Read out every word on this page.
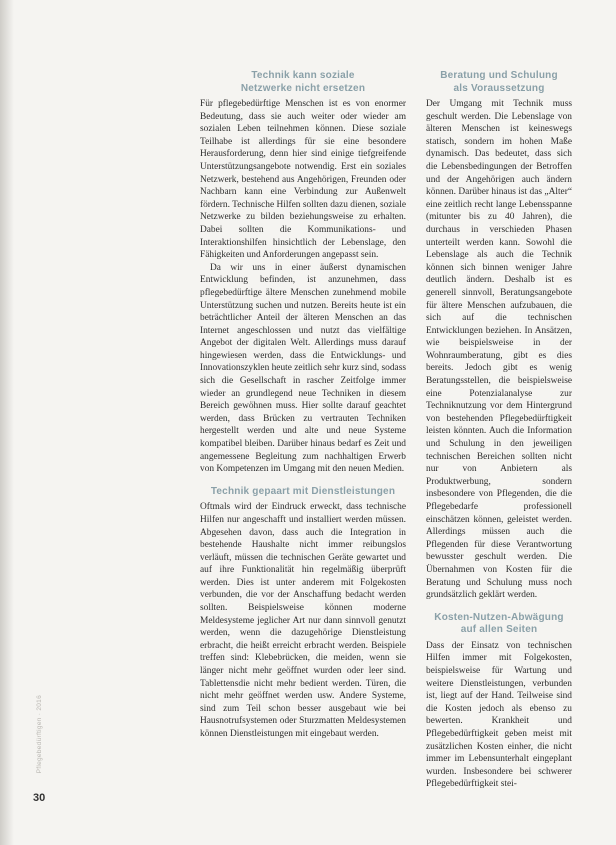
Technik kann soziale
Netzwerke nicht ersetzen

Für pflegebedürftige Menschen ist es von enormer Bedeutung, dass sie auch weiter oder wieder am sozialen Leben teilnehmen können. Diese soziale Teilhabe ist allerdings für sie eine besondere Herausforderung, denn hier sind einige tiefgreifende Unterstützungsangebote notwendig. Erst ein soziales Netzwerk, bestehend aus Angehörigen, Freunden oder Nachbarn kann eine Verbindung zur Außenwelt fördern. Technische Hilfen sollten dazu dienen, soziale Netzwerke zu bilden beziehungsweise zu erhalten. Dabei sollten die Kommunikations- und Interaktionshilfen hinsichtlich der Lebenslage, den Fähigkeiten und Anforderungen angepasst sein.

Da wir uns in einer äußerst dynamischen Entwicklung befinden, ist anzunehmen, dass pflegebedürftige ältere Menschen zunehmend mobile Unterstützung suchen und nutzen. Bereits heute ist ein beträchtlicher Anteil der älteren Menschen an das Internet angeschlossen und nutzt das vielfältige Angebot der digitalen Welt. Allerdings muss darauf hingewiesen werden, dass die Entwicklungs- und Innovationszyklen heute zeitlich sehr kurz sind, sodass sich die Gesellschaft in rascher Zeitfolge immer wieder an grundlegend neue Techniken in diesem Bereich gewöhnen muss. Hier sollte darauf geachtet werden, dass Brücken zu vertrauten Techniken hergestellt werden und alte und neue Systeme kompatibel bleiben. Darüber hinaus bedarf es Zeit und angemessene Begleitung zum nachhaltigen Erwerb von Kompetenzen im Umgang mit den neuen Medien.

Technik gepaart mit Dienstleistungen

Oftmals wird der Eindruck erweckt, dass technische Hilfen nur angeschafft und installiert werden müssen. Abgesehen davon, dass auch die Integration in bestehende Haushalte nicht immer reibungslos verläuft, müssen die technischen Geräte gewartet und auf ihre Funktionalität hin regelmäßig überprüft werden. Dies ist unter anderem mit Folgekosten verbunden, die vor der Anschaffung bedacht werden sollten. Beispielsweise können moderne Meldesysteme jeglicher Art nur dann sinnvoll genutzt werden, wenn die dazugehörige Dienstleistung erbracht, die heißt erreicht erbracht werden. Beispiele treffen sind: Klebebrücken, die meiden, wenn sie länger nicht mehr geöffnet wurden oder leer sind. Tablettensdie nicht mehr bedient werden. Türen, die nicht mehr geöffnet werden usw. Andere Systeme, sind zum Teil schon besser ausgebaut wie bei Hausnotrufsystemen oder Sturzmatten Meldesystemen können Dienstleistungen mit eingebaut werden.

Beratung und Schulung
als Voraussetzung

Der Umgang mit Technik muss geschult werden. Die Lebenslage von älteren Menschen ist keineswegs statisch, sondern im hohen Maße dynamisch. Das bedeutet, dass sich die Lebensbedingungen der Betroffen und der Angehörigen auch ändern können. Darüber hinaus ist das „Alter“ eine zeitlich recht lange Lebensspanne (mitunter bis zu 40 Jahren), die durchaus in verschieden Phasen unterteilt werden kann. Sowohl die Lebenslage als auch die Technik können sich binnen weniger Jahre deutlich ändern. Deshalb ist es generell sinnvoll, Beratungsangebote für ältere Menschen aufzubauen, die sich auf die technischen Entwicklungen beziehen. In Ansätzen, wie beispielsweise in der Wohnraumberatung, gibt es dies bereits. Jedoch gibt es wenig Beratungsstellen, die beispielsweise eine Potenzialanalyse zur Techniknutzung vor dem Hintergrund von bestehenden Pflegebedürftigkeit leisten könnten. Auch die Information und Schulung in den jeweiligen technischen Bereichen sollten nicht nur von Anbietern als Produktwerbung, sondern insbesondere von Pflegenden, die die Pflegebedarfe professionell einschätzen können, geleistet werden. Allerdings müssen auch die Pflegenden für diese Verantwortung bewusster geschult werden. Die Übernahmen von Kosten für die Beratung und Schulung muss noch grundsätzlich geklärt werden.

Kosten-Nutzen-Abwägung
auf allen Seiten

Dass der Einsatz von technischen Hilfen immer mit Folgekosten, beispielsweise für Wartung und weitere Dienstleistungen, verbunden ist, liegt auf der Hand. Teilweise sind die Kosten jedoch als ebenso zu bewerten. Krankheit und Pflegebedürftigkeit geben meist mit zusätzlichen Kosten einher, die nicht immer im Lebensunterhalt eingeplant wurden. Insbesondere bei schwerer Pflegebedürftigkeit stei-

Pflegebedürftigen · 2016
30
